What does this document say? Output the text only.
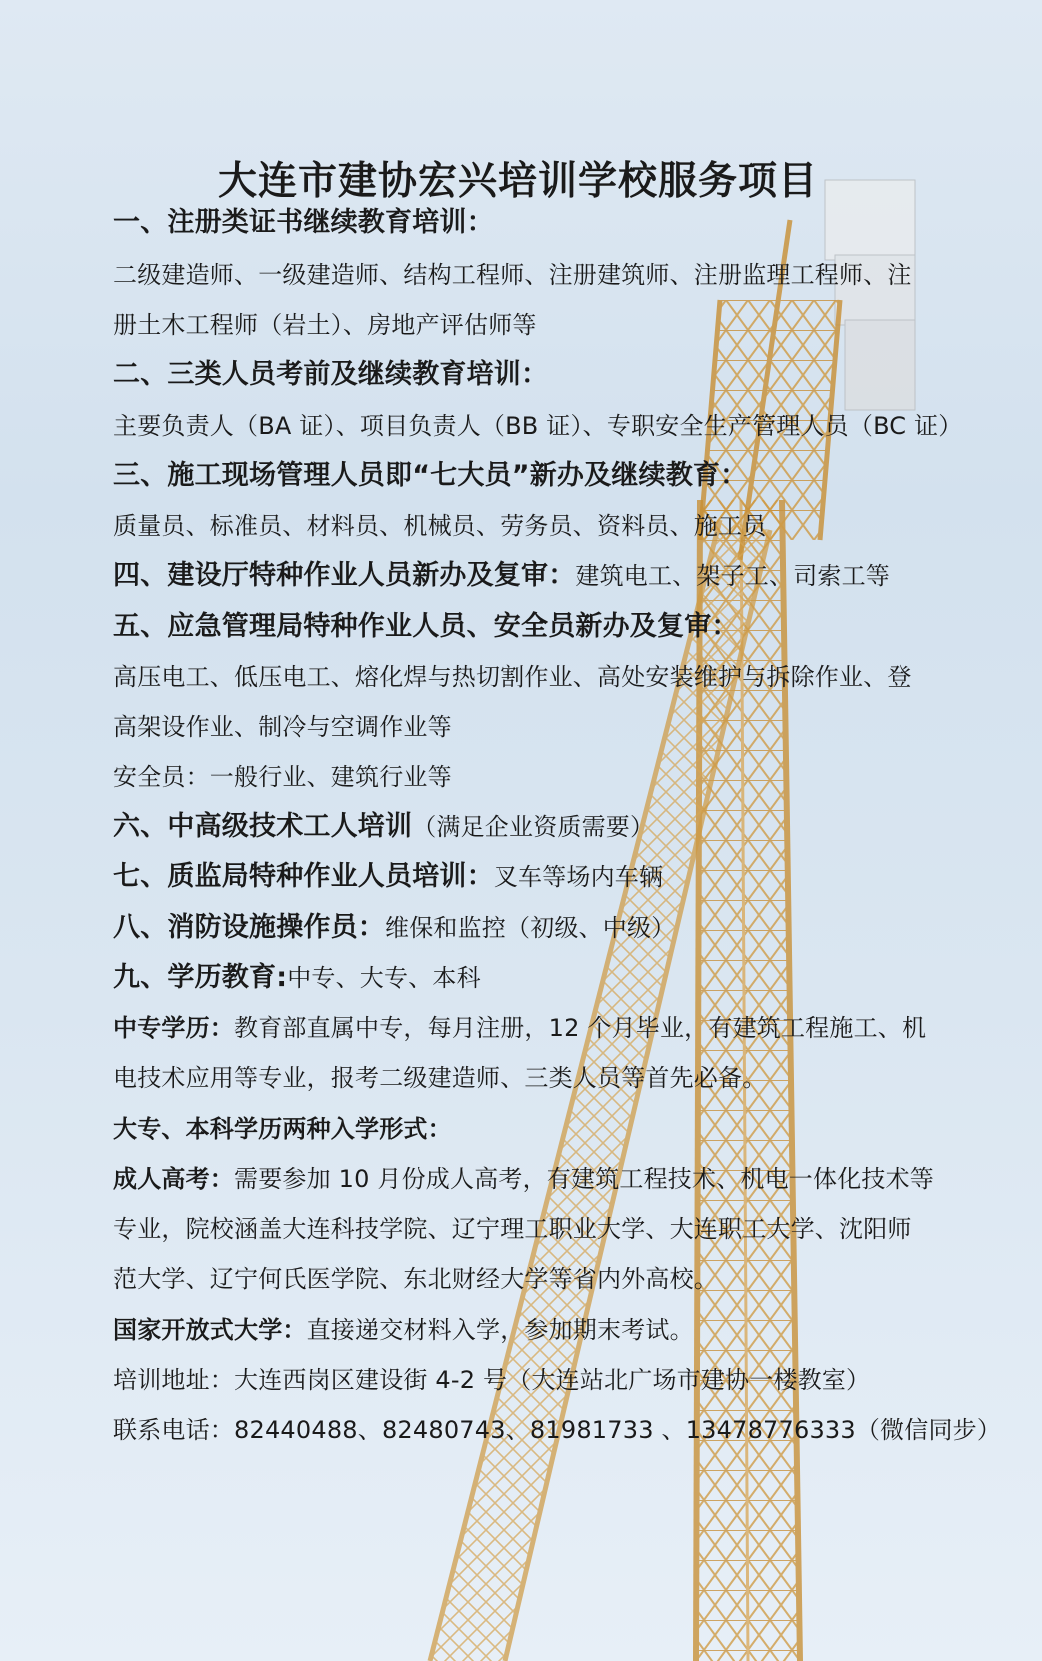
大连市建协宏兴培训学校服务项目
一、注册类证书继续教育培训：
二级建造师、一级建造师、结构工程师、注册建筑师、注册监理工程师、注
册土木工程师（岩土）、房地产评估师等
二、三类人员考前及继续教育培训：
主要负责人（BA 证）、项目负责人（BB 证）、专职安全生产管理人员（BC 证）
三、施工现场管理人员即“七大员”新办及继续教育：
质量员、标准员、材料员、机械员、劳务员、资料员、施工员
四、建设厅特种作业人员新办及复审：建筑电工、架子工、司索工等
五、应急管理局特种作业人员、安全员新办及复审：
高压电工、低压电工、熔化焊与热切割作业、高处安装维护与拆除作业、登
高架设作业、制冷与空调作业等
安全员：一般行业、建筑行业等
六、中高级技术工人培训（满足企业资质需要）
七、质监局特种作业人员培训：叉车等场内车辆
八、消防设施操作员：维保和监控（初级、中级）
九、学历教育:中专、大专、本科
中专学历：教育部直属中专，每月注册，12 个月毕业，有建筑工程施工、机
电技术应用等专业，报考二级建造师、三类人员等首先必备。
大专、本科学历两种入学形式：
成人高考：需要参加 10 月份成人高考，有建筑工程技术、机电一体化技术等
专业，院校涵盖大连科技学院、辽宁理工职业大学、大连职工大学、沈阳师
范大学、辽宁何氏医学院、东北财经大学等省内外高校。
国家开放式大学：直接递交材料入学，参加期末考试。
培训地址：大连西岗区建设街 4-2 号（大连站北广场市建协一楼教室）
联系电话：82440488、82480743、81981733 、13478776333（微信同步）
